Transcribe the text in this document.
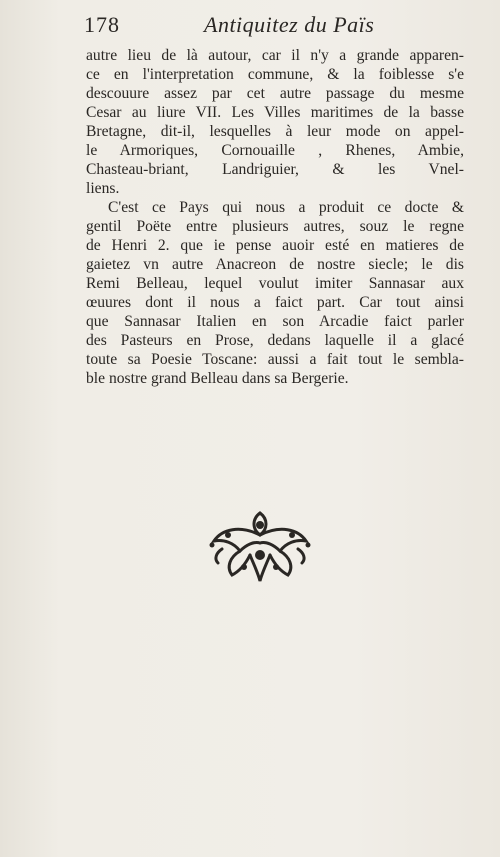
178	Antiquitez du Païs
autre lieu de là autour, car il n'y a grande apparen-
ce en l'interpretation commune, & la foiblesse s'e
descouure assez par cet autre passage du mesme
Cesar au liure VII. Les Villes maritimes de la basse
Bretagne, dit-il, lesquelles à leur mode on appel-
le Armoriques, Cornouaille , Rhenes, Ambie,
Chasteau-briant, Landriguier, & les Vnel-
liens.
C'est ce Pays qui nous a produit ce docte &
gentil Poëte entre plusieurs autres, souz le regne
de Henri 2. que ie pense auoir esté en matieres de
gaietez vn autre Anacreon de nostre siecle; le dis
Remi Belleau, lequel voulut imiter Sannasar aux
œuures dont il nous a faict part. Car tout ainsi
que Sannasar Italien en son Arcadie faict parler
des Pasteurs en Prose, dedans laquelle il a glacé
toute sa Poesie Toscane: aussi a fait tout le sembla-
ble nostre grand Belleau dans sa Bergerie.
